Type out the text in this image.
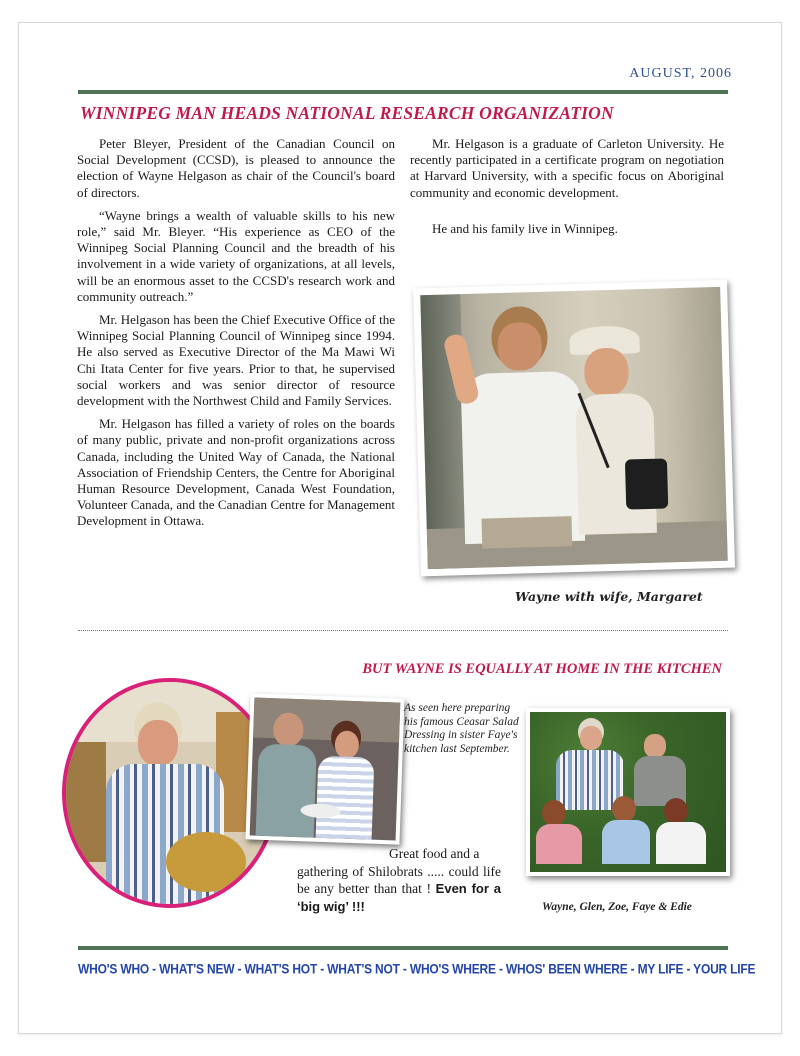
AUGUST, 2006
WINNIPEG MAN HEADS NATIONAL RESEARCH ORGANIZATION

Peter Bleyer, President of the Canadian Council on Social Development (CCSD), is pleased to announce the election of Wayne Helgason as chair of the Council's board of directors.

“Wayne brings a wealth of valuable skills to his new role,” said Mr. Bleyer. “His experience as CEO of the Winnipeg Social Planning Council and the breadth of his involvement in a wide variety of organizations, at all levels, will be an enormous asset to the CCSD's research work and community outreach.”

Mr. Helgason has been the Chief Executive Office of the Winnipeg Social Planning Council of Winnipeg since 1994. He also served as Executive Director of the Ma Mawi Wi Chi Itata Center for five years. Prior to that, he supervised social workers and was senior director of resource development with the Northwest Child and Family Services.

Mr. Helgason has filled a variety of roles on the boards of many public, private and non-profit organizations across Canada, including the United Way of Canada, the National Association of Friendship Centers, the Centre for Aboriginal Human Resource Development, Canada West Foundation, Volunteer Canada, and the Canadian Centre for Management Development in Ottawa.

Mr. Helgason is a graduate of Carleton University. He recently participated in a certificate program on negotiation at Harvard University, with a specific focus on Aboriginal community and economic development.

He and his family live in Winnipeg.

Wayne with wife, Margaret
BUT WAYNE IS EQUALLY AT HOME IN THE KITCHEN
As seen here preparing his famous Ceasar Salad Dressing in sister Faye's kitchen last September.
Wayne, Glen, Zoe, Faye & Edie
Great food and a
gathering of Shilobrats ..... could life be any better than that ! Even for a ‘big wig’ !!!
WHO'S WHO - WHAT'S NEW - WHAT'S HOT - WHAT'S NOT - WHO'S WHERE - WHOS' BEEN WHERE - MY LIFE - YOUR LIFE
